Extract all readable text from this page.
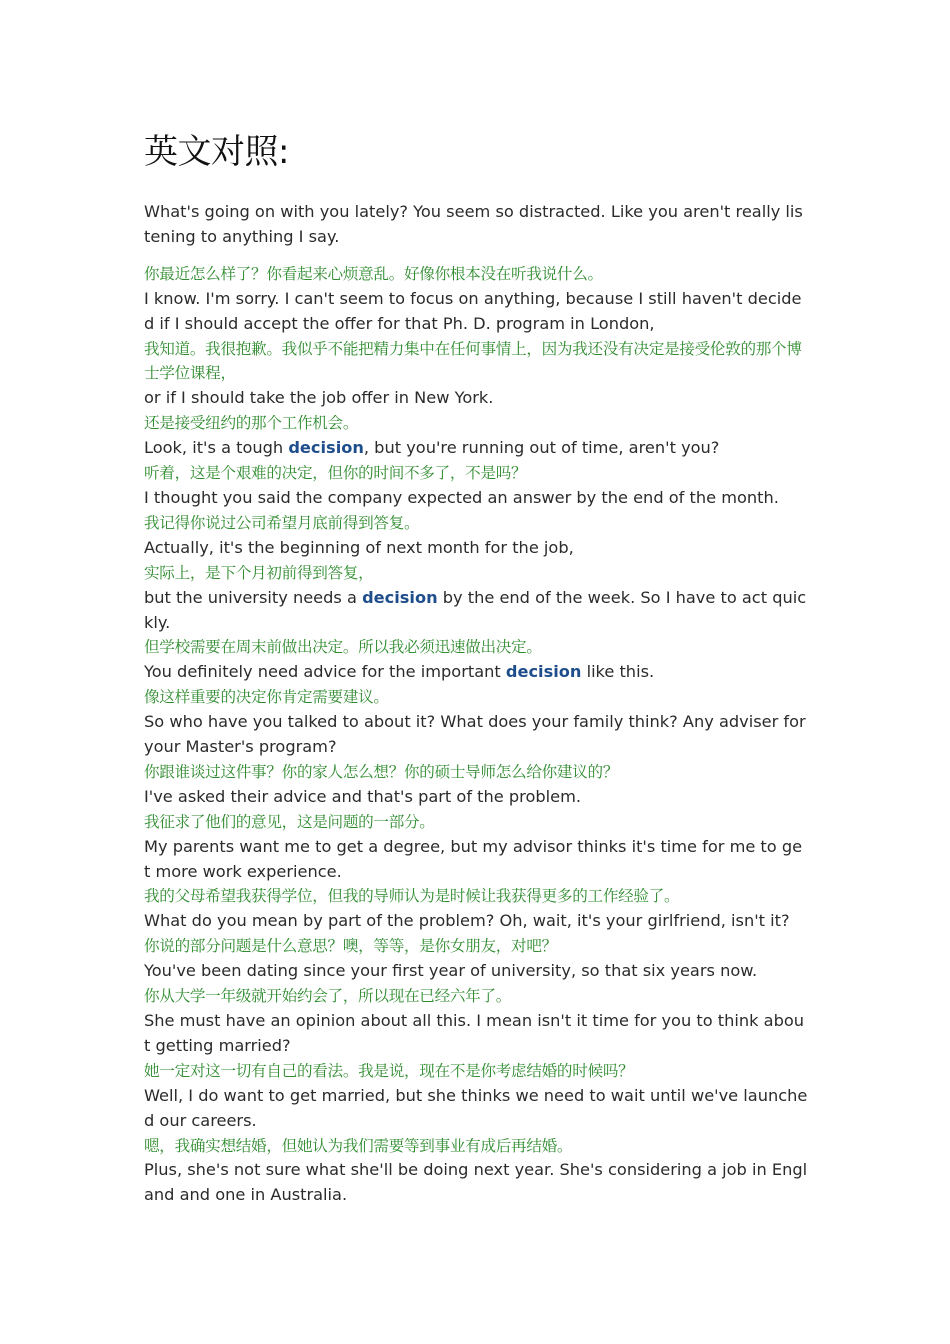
英文对照:

What's going on with you lately? You seem so distracted. Like you aren't really listening to anything I say.

你最近怎么样了？你看起来心烦意乱。好像你根本没在听我说什么。

I know. I'm sorry. I can't seem to focus on anything, because I still haven't decided if I should accept the offer for that Ph. D. program in London,

我知道。我很抱歉。我似乎不能把精力集中在任何事情上，因为我还没有决定是接受伦敦的那个博士学位课程，

or if I should take the job offer in New York.

还是接受纽约的那个工作机会。

Look, it's a tough decision, but you're running out of time, aren't you?

听着，这是个艰难的决定，但你的时间不多了，不是吗？

I thought you said the company expected an answer by the end of the month.

我记得你说过公司希望月底前得到答复。

Actually, it's the beginning of next month for the job,

实际上，是下个月初前得到答复，

but the university needs a decision by the end of the week. So I have to act quickly.

但学校需要在周末前做出决定。所以我必须迅速做出决定。

You definitely need advice for the important decision like this.

像这样重要的决定你肯定需要建议。

So who have you talked to about it? What does your family think? Any adviser for your Master's program?

你跟谁谈过这件事？你的家人怎么想？你的硕士导师怎么给你建议的？

I've asked their advice and that's part of the problem.

我征求了他们的意见，这是问题的一部分。

My parents want me to get a degree, but my advisor thinks it's time for me to get more work experience.

我的父母希望我获得学位，但我的导师认为是时候让我获得更多的工作经验了。

What do you mean by part of the problem? Oh, wait, it's your girlfriend, isn't it?

你说的部分问题是什么意思？噢，等等，是你女朋友，对吧？

You've been dating since your first year of university, so that six years now.

你从大学一年级就开始约会了，所以现在已经六年了。

She must have an opinion about all this. I mean isn't it time for you to think about getting married?

她一定对这一切有自己的看法。我是说，现在不是你考虑结婚的时候吗？

Well, I do want to get married, but she thinks we need to wait until we've launched our careers.

嗯，我确实想结婚，但她认为我们需要等到事业有成后再结婚。

Plus, she's not sure what she'll be doing next year. She's considering a job in England and one in Australia.
